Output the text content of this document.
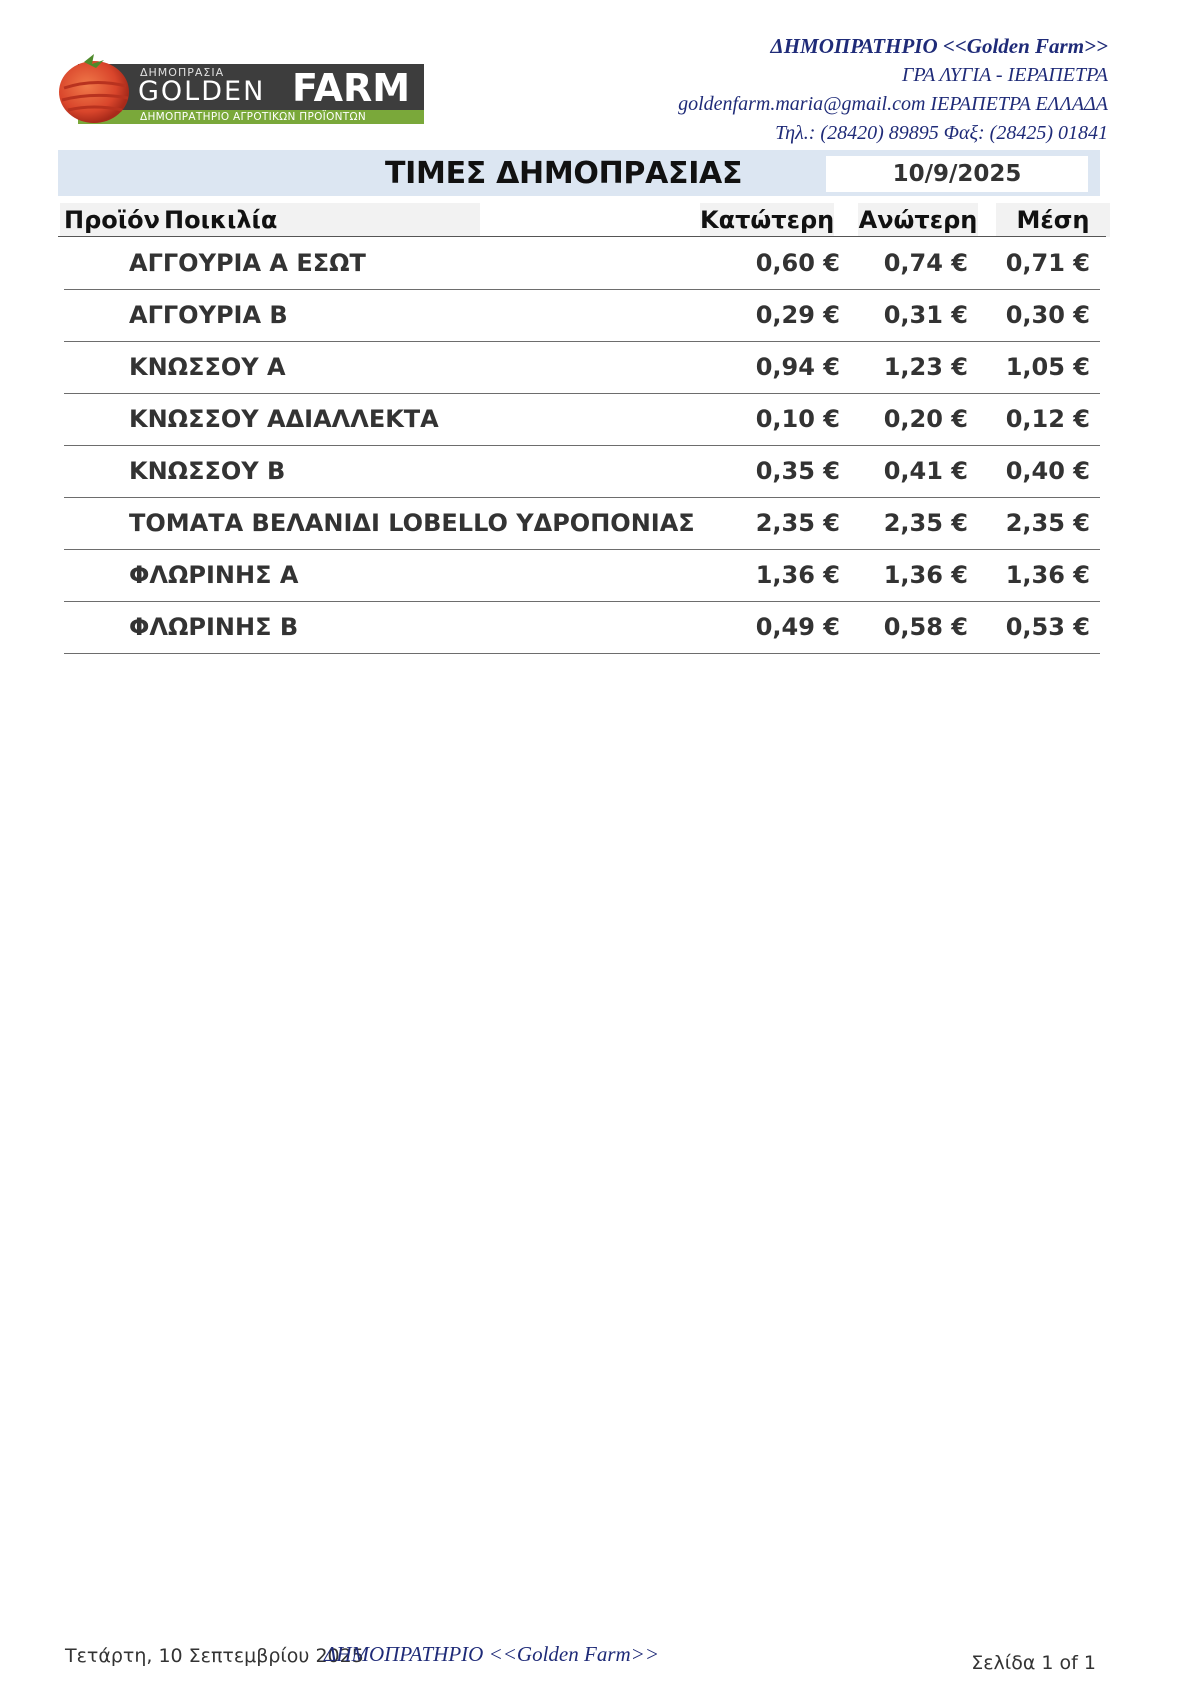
ΔΗΜΟΠΡΑΣΙΑ
GOLDEN FARM
ΔΗΜΟΠΡΑΤΗΡΙΟ ΑΓΡΟΤΙΚΩΝ ΠΡΟΪΟΝΤΩΝ
ΔΗΜΟΠΡΑΤΗΡΙΟ <<Golden Farm>>
ΓΡΑ ΛΥΓΙΑ - ΙΕΡΑΠΕΤΡΑ
goldenfarm.maria@gmail.com ΙΕΡΑΠΕΤΡΑ ΕΛΛΑΔΑ
Τηλ.: (28420) 89895 Φαξ: (28425) 01841
ΤΙΜΕΣ ΔΗΜΟΠΡΑΣΙΑΣ	10/9/2025
Προϊόν Ποικιλία	Κατώτερη Ανώτερη	Μέση
ΑΓΓΟΥΡΙΑ Α ΕΣΩΤ	0,60 € 0,74 € 0,71 €
ΑΓΓΟΥΡΙΑ Β	0,29 € 0,31 € 0,30 €
ΚΝΩΣΣΟΥ Α	0,94 € 1,23 € 1,05 €
ΚΝΩΣΣΟΥ ΑΔΙΑΛΛΕΚΤΑ	0,10 € 0,20 € 0,12 €
ΚΝΩΣΣΟΥ Β	0,35 € 0,41 € 0,40 €
ΤΟΜΑΤΑ ΒΕΛΑΝΙΔΙ LOBELLO ΥΔΡΟΠΟΝΙΑΣ	2,35 € 2,35 € 2,35 €
ΦΛΩΡΙΝΗΣ Α	1,36 € 1,36 € 1,36 €
ΦΛΩΡΙΝΗΣ Β	0,49 € 0,58 € 0,53 €
Τετάρτη, 10 Σεπτεμβρίου 2025
ΔΗΜΟΠΡΑΤΗΡΙΟ <<Golden Farm>>	Σελίδα 1 of 1
